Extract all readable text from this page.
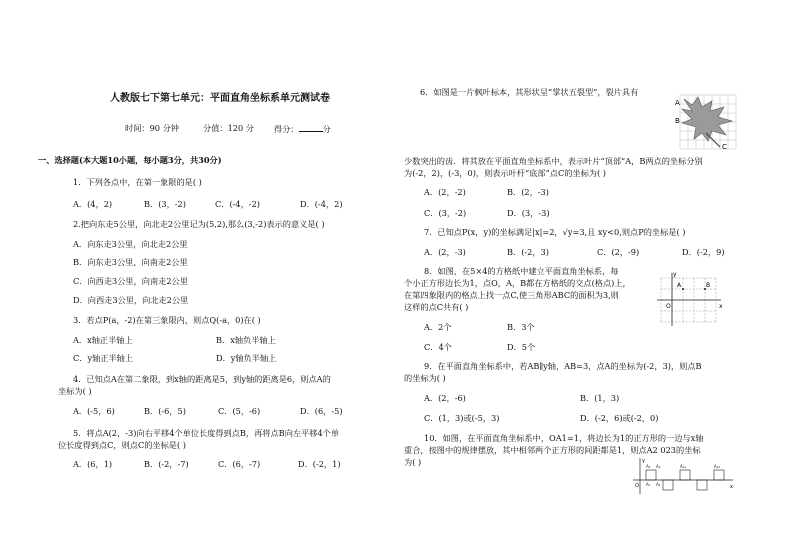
人教版七下第七单元：平面直角坐标系单元测试卷
时间：90 分钟	分值：120 分 得分：	分
一、选择题(本大题10小题，每小题3分，共30分)
1．下列各点中，在第一象限的是( )
A．(4，2)	B．(3，-2)	C．(-4，-2)	D．(-4，2)
2.把向东走5公里，向北走2公里记为(5,2),那么(3,-2)表示的意义是( )
A．向东走3公里，向北走2公里
B．向东走3公里，向南走2公里
C．向西走3公里，向南走2公里
D．向西走3公里，向北走2公里
3．若点P(a，-2)在第三象限内，则点Q(-a，0)在( )
A．x轴正半轴上	B．x轴负半轴上
C．y轴正半轴上	D．y轴负半轴上
4．已知点A在第二象限，到x轴的距离是5，到y轴的距离是6，则点A的
坐标为( )
A．(-5，6)	B．(-6，5)	C．(5，-6)	D．(6，-5)
5．将点A(2，-3)向右平移4个单位长度得到点B，再将点B向左平移4个单
位长度得到点C，则点C的坐标是( )
A．(6，1)	B．(-2，-7)	C．(6，-7)	D．(-2，1)
6．如图是一片枫叶标本，其形状呈“掌状五裂型”，裂片具有
A
B
C
少数突出的齿．将其放在平面直角坐标系中，表示叶片“顶部”A，B两点的坐标分别
为(-2，2)，(-3，0)，则表示叶杆“底部”点C的坐标为( )
A．(2，-2)	B．(2，-3)
C．(3，-2)	D．(3，-3)
7．已知点P(x，y)的坐标满足|x|=2，√y=3,且 xy<0,则点P的坐标是( )
A．(2，-3)	B．(-2，3)	C．(2，-9)	D．(-2，9)
8．如图，在5×4的方格纸中建立平面直角坐标系，每
个小正方形边长为1，点O，A，B都在方格纸的交点(格点)上，
在第四象限内的格点上找一点C,使三角形ABC的面积为3,则
这样的点C共有( )
y
x
O
A	B
A．2个	B．3个
C．4个	D．5个
9．在平面直角坐标系中，若AB∥y轴，AB=3，点A的坐标为(-2，3)，则点B
的坐标为( )
A．(2，-6)	B．(1，3)
C．(1，3)或(-5，3)	D．(-2，6)或(-2，0)
10．如图，在平面直角坐标系中，OA1=1，将边长为1的正方形的一边与x轴
重合，按图中的规律摆放，其中相邻两个正方形的间距都是1，则点A2 023的坐标
为( )	y
x
O
A₃ A₄
A₁ A₂
A₁₁	A₁₂
